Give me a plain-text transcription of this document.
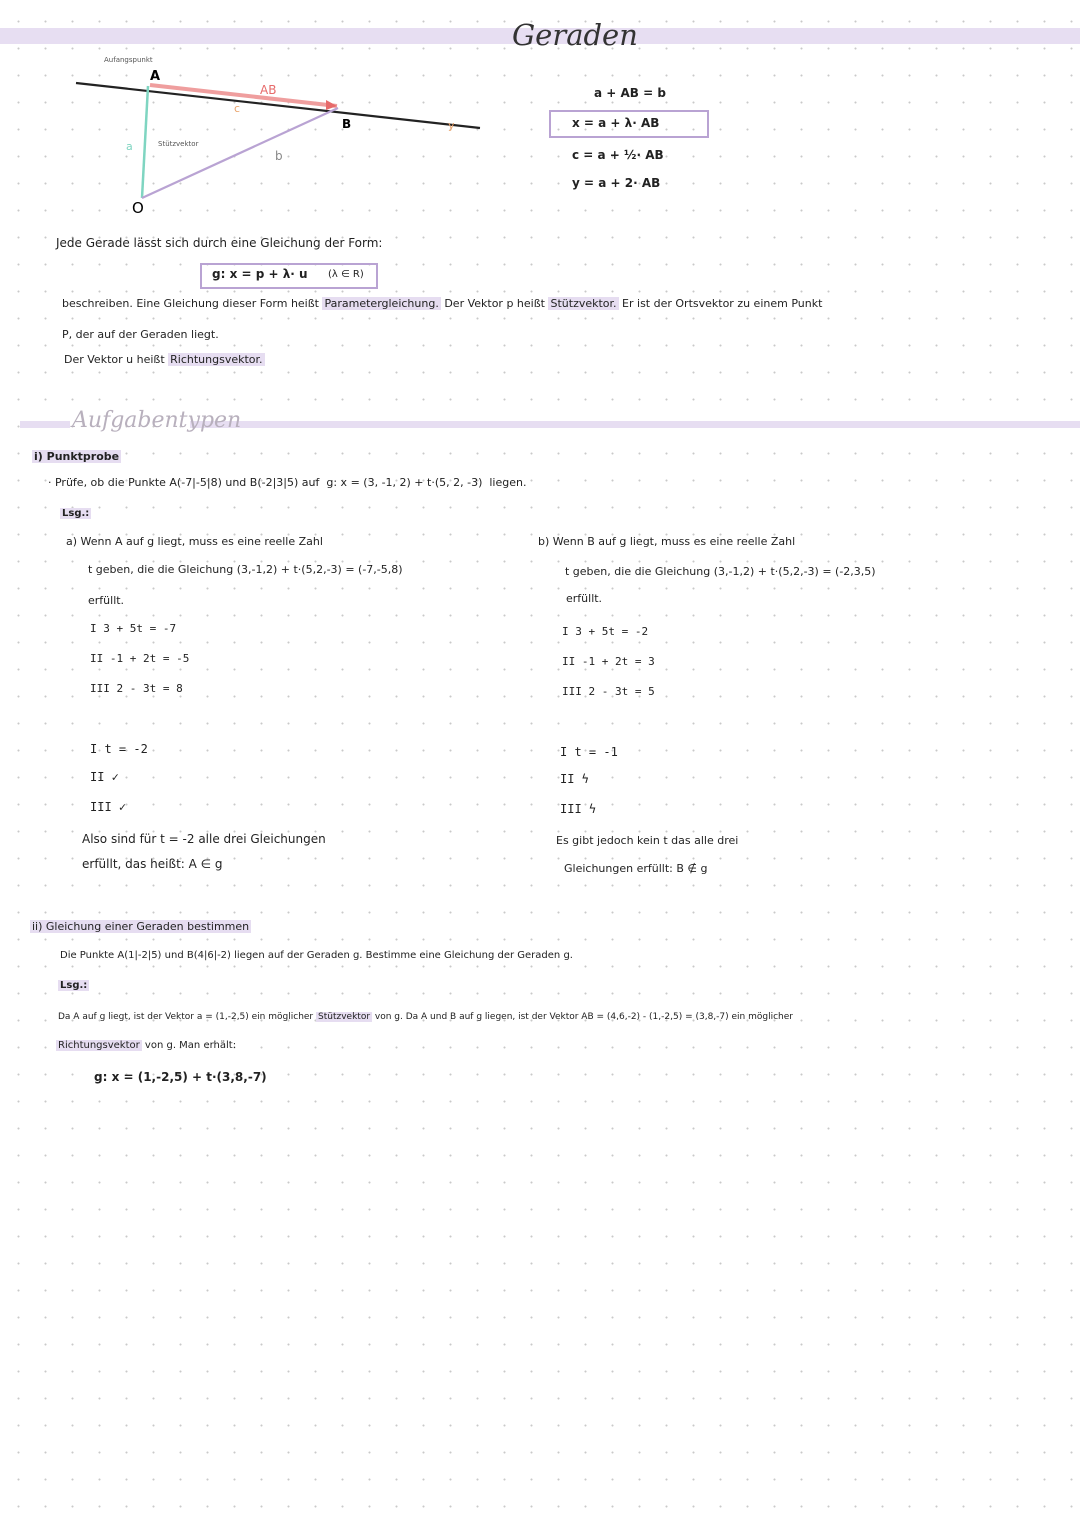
Geraden
A
B
AB
c
y
b
a	Stützvektor
Aufangspunkt
O
a + AB = b
x = a + λ· AB
c = a + ½· AB
y = a + 2· AB
Jede Gerade lässt sich durch eine Gleichung der Form:
g: x = p + λ· u (λ ∈ R)
beschreiben. Eine Gleichung dieser Form heißt Parametergleichung. Der Vektor p heißt Stützvektor. Er ist der Ortsvektor zu einem Punkt
P, der auf der Geraden liegt.
Der Vektor u heißt Richtungsvektor.
Aufgabentypen
i) Punktprobe
· Prüfe, ob die Punkte A(-7|-5|8) und B(-2|3|5) auf g: x = (3, -1, 2) + t·(5, 2, -3) liegen.
Lsg.:
a) Wenn A auf g liegt, muss es eine reelle Zahl
t geben, die die Gleichung (3,-1,2) + t·(5,2,-3) = (-7,-5,8)
erfüllt.
I 3 + 5t = -7
II -1 + 2t = -5
III 2 - 3t = 8
I t = -2
II ✓
III ✓
Also sind für t = -2 alle drei Gleichungen
erfüllt, das heißt: A ∈ g
b) Wenn B auf g liegt, muss es eine reelle Zahl
t geben, die die Gleichung (3,-1,2) + t·(5,2,-3) = (-2,3,5)
erfüllt.
I 3 + 5t = -2
II -1 + 2t = 3
III 2 - 3t = 5
I t = -1
II ϟ
III ϟ
Es gibt jedoch kein t das alle drei
Gleichungen erfüllt: B ∉ g
ii) Gleichung einer Geraden bestimmen
Die Punkte A(1|-2|5) und B(4|6|-2) liegen auf der Geraden g. Bestimme eine Gleichung der Geraden g.
Lsg.:
Da A auf g liegt, ist der Vektor a = (1,-2,5) ein möglicher Stützvektor von g. Da A und B auf g liegen, ist der Vektor AB = (4,6,-2) - (1,-2,5) = (3,8,-7) ein möglicher
Richtungsvektor von g. Man erhält:
g: x = (1,-2,5) + t·(3,8,-7)
